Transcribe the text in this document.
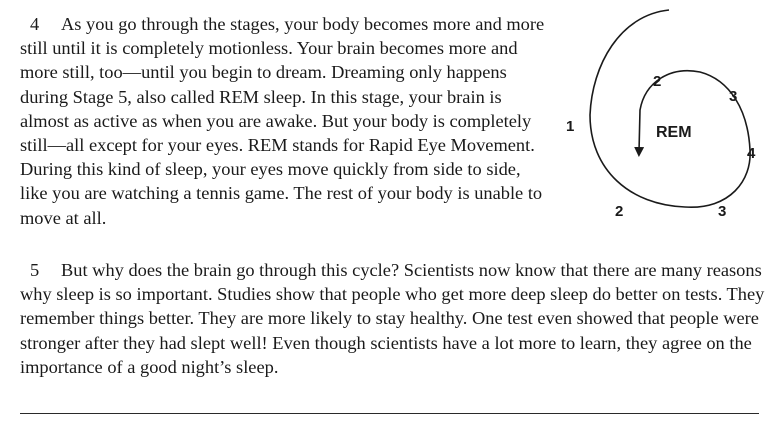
4 As you go through the stages, your body becomes more and more still until it is completely motionless. Your brain becomes more and more still, too—until you begin to dream. Dreaming only happens during Stage 5, also called REM sleep. In this stage, your brain is almost as active as when you are awake. But your body is completely still—all except for your eyes. REM stands for Rapid Eye Movement. During this kind of sleep, your eyes move quickly from side to side, like you are watching a tennis game. The rest of your body is unable to move at all.

1
2
3
4
3
2
REM

5 But why does the brain go through this cycle? Scientists now know that there are many reasons why sleep is so important. Studies show that people who get more deep sleep do better on tests. They remember things better. They are more likely to stay healthy. One test even showed that people were stronger after they had slept well! Even though scientists have a lot more to learn, they agree on the importance of a good night’s sleep.
